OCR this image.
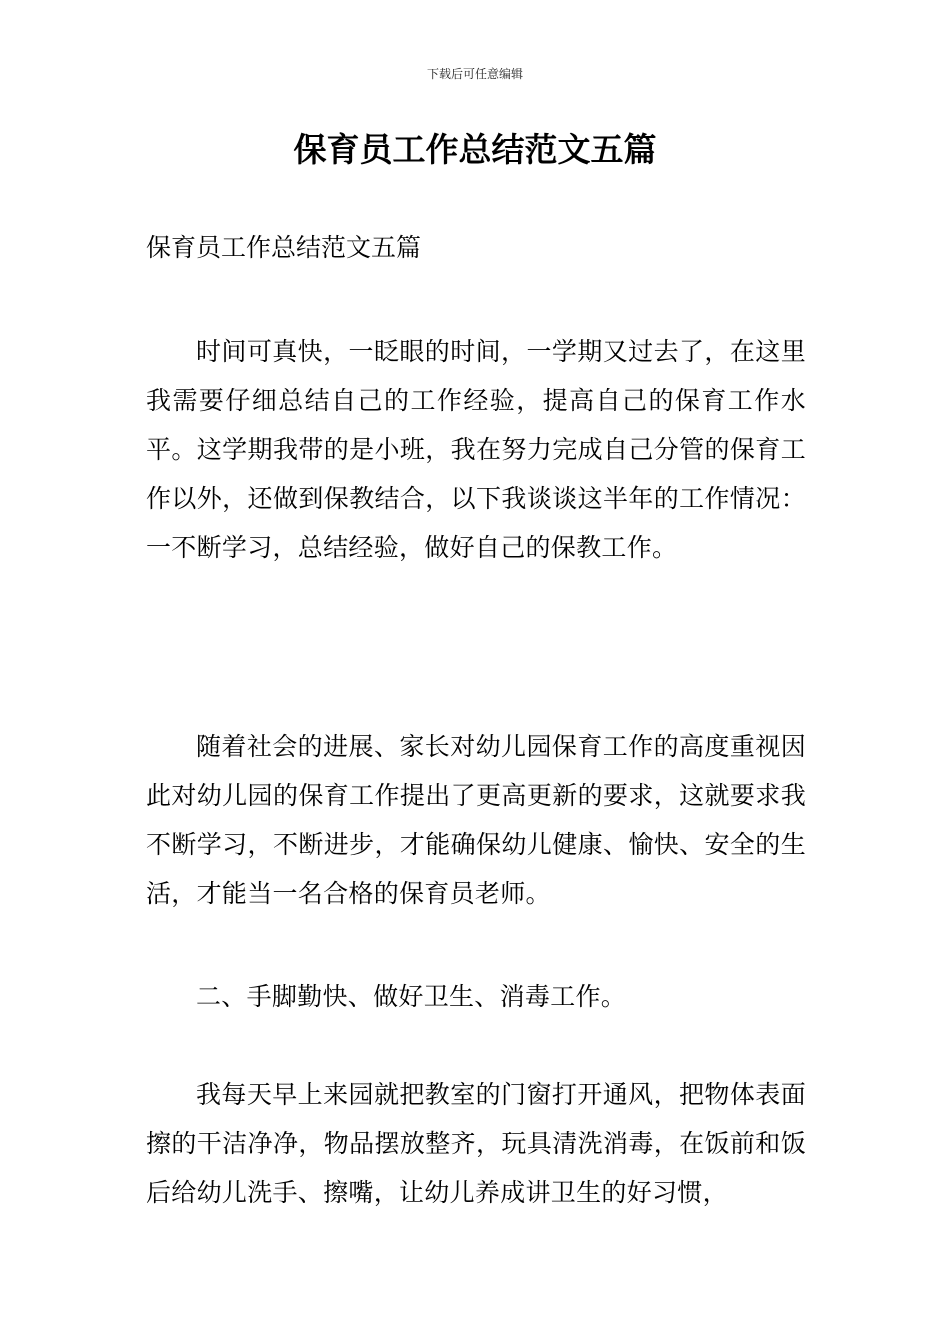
下载后可任意编辑
保育员工作总结范文五篇

保育员工作总结范文五篇

时间可真快，一眨眼的时间，一学期又过去了，在这里我需要仔细总结自己的工作经验，提高自己的保育工作水平。这学期我带的是小班，我在努力完成自己分管的保育工作以外，还做到保教结合，以下我谈谈这半年的工作情况： 一不断学习，总结经验，做好自己的保教工作。

随着社会的进展、家长对幼儿园保育工作的高度重视因此对幼儿园的保育工作提出了更高更新的要求，这就要求我不断学习，不断进步，才能确保幼儿健康、愉快、安全的生活，才能当一名合格的保育员老师。

二、手脚勤快、做好卫生、消毒工作。

我每天早上来园就把教室的门窗打开通风，把物体表面擦的干洁净净，物品摆放整齐，玩具清洗消毒，在饭前和饭后给幼儿洗手、擦嘴，让幼儿养成讲卫生的好习惯，
